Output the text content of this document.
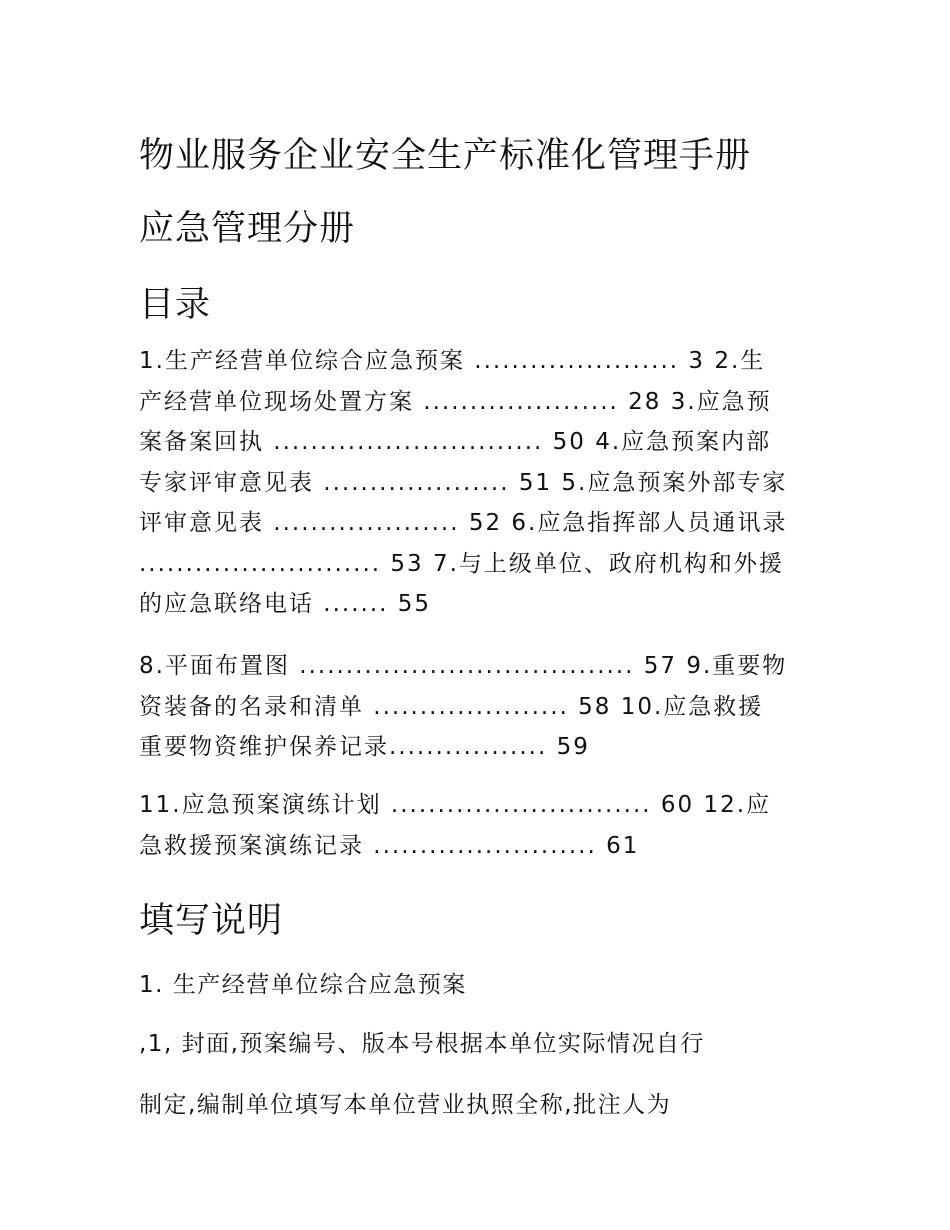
物业服务企业安全生产标准化管理手册
应急管理分册
目录

1.生产经营单位综合应急预案 ...................... 3 2.生
产经营单位现场处置方案 ..................... 28 3.应急预
案备案回执 ............................. 50 4.应急预案内部
专家评审意见表 .................... 51 5.应急预案外部专家
评审意见表 .................... 52 6.应急指挥部人员通讯录
.......................... 53 7.与上级单位、政府机构和外援
的应急联络电话 ....... 55

8.平面布置图 .................................... 57 9.重要物
资装备的名录和清单 ..................... 58 10.应急救援
重要物资维护保养记录................. 59

11.应急预案演练计划 ............................ 60 12.应
急救援预案演练记录 ........................ 61

填写说明

1. 生产经营单位综合应急预案

,1, 封面,预案编号、版本号根据本单位实际情况自行

制定,编制单位填写本单位营业执照全称,批注人为
